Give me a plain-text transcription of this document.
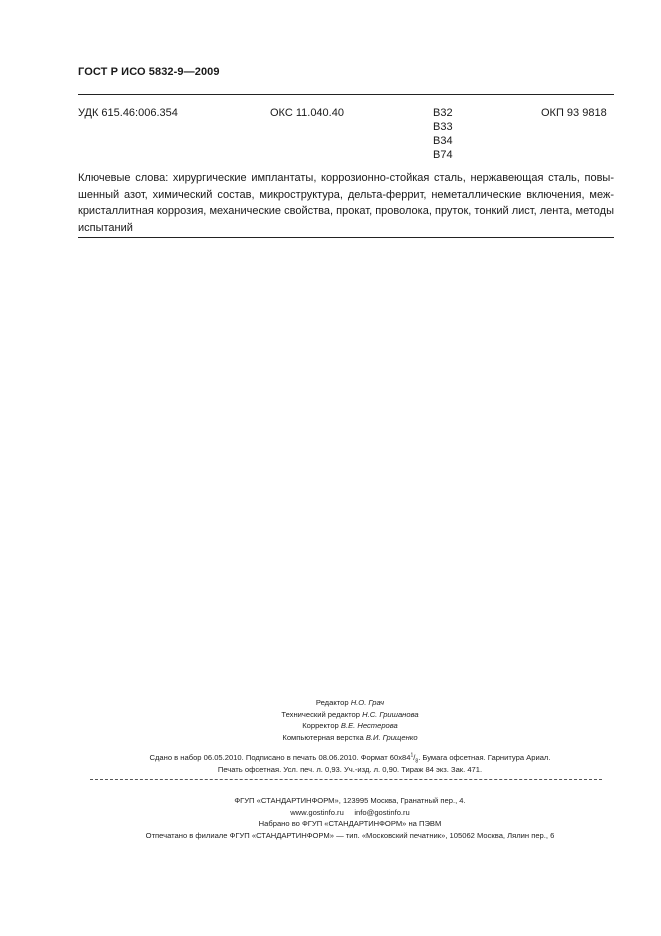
ГОСТ Р ИСО 5832-9—2009
УДК 615.46:006.354	ОКС 11.040.40	В32
В33
В34
В74
ОКП 93 9818
Ключевые слова: хирургические имплантаты, коррозионно-стойкая сталь, нержавеющая сталь, повы-
шенный азот, химический состав, микроструктура, дельта-феррит, неметаллические включения, меж-
кристаллитная коррозия, механические свойства, прокат, проволока, пруток, тонкий лист, лента, методы
испытаний
Редактор Н.О. Грач
Технический редактор Н.С. Гришанова
Корректор В.Е. Нестерова
Компьютерная верстка В.И. Грищенко
Сдано в набор 06.05.2010. Подписано в печать 08.06.2010. Формат $60x84^1/_8$. Бумага офсетная. Гарнитура Ариал.
Печать офсетная. Усл. печ. л. 0,93. Уч.-изд. л. 0,90. Тираж 84 экз. Зак. 471.
ФГУП «СТАНДАРТИНФОРМ», 123995 Москва, Гранатный пер., 4.
www.gostinfo.ru info@gostinfo.ru
Набрано во ФГУП «СТАНДАРТИНФОРМ» на ПЭВМ
Отпечатано в филиале ФГУП «СТАНДАРТИНФОРМ» — тип. «Московский печатник», 105062 Москва, Лялин пер., 6
